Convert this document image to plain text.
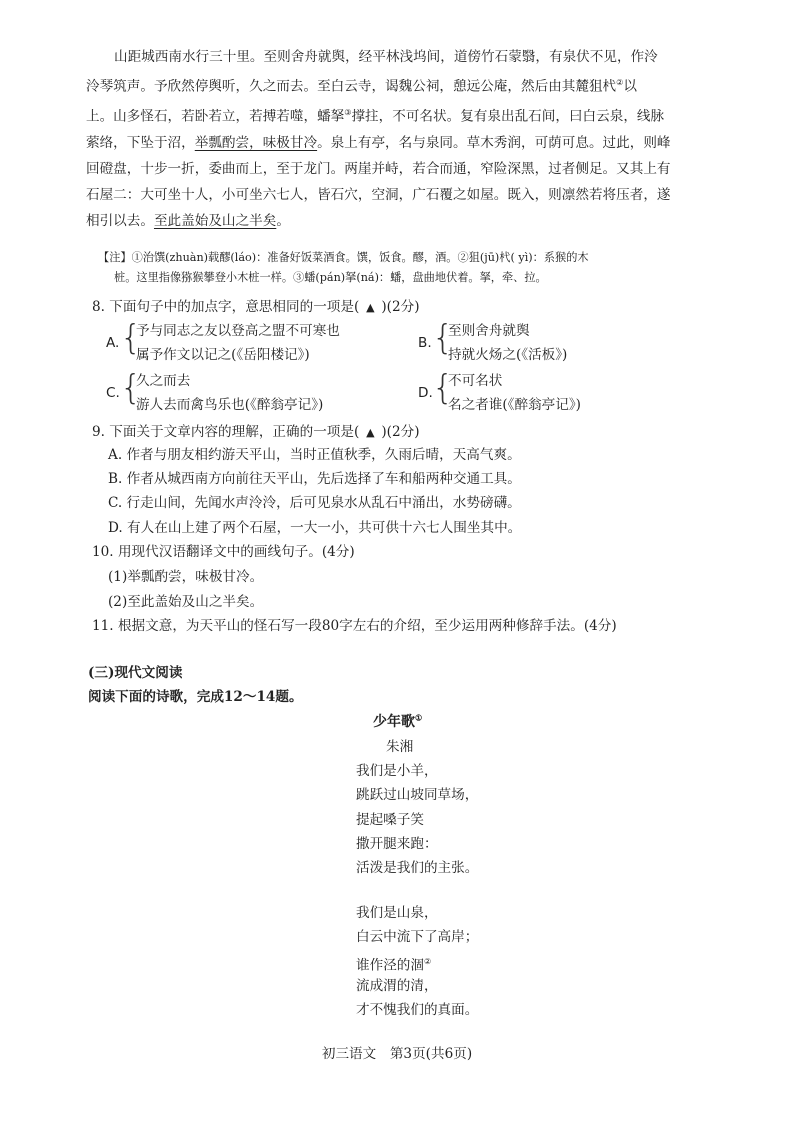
山距城西南水行三十里。至则舍舟就舆，经平林浅坞间，道傍竹石蒙翳，有泉伏不见，作泠
泠琴筑声。予欣然停舆听，久之而去。至白云寺，谒魏公祠，憩远公庵，然后由其麓狙杙②以
上。山多怪石，若卧若立，若搏若噬，蟠拏③撑拄，不可名状。复有泉出乱石间，曰白云泉，线脉
萦络，下坠于沼，举瓢酌尝，味极甘冷。泉上有亭，名与泉同。草木秀润，可荫可息。过此，则峰
回磴盘，十步一折，委曲而上，至于龙门。两崖并峙，若合而通，窄险深黑，过者侧足。又其上有
石屋二：大可坐十人，小可坐六七人，皆石穴，空洞，广石覆之如屋。既入，则凛然若将压者，遂
相引以去。至此盖始及山之半矣。
【注】①治馔(zhuàn)载醪(láo)：准备好饭菜酒食。馔，饭食。醪，酒。②狙(jū)杙( yì)：系猴的木
桩。这里指像猕猴攀登小木桩一样。③蟠(pán)拏(ná)：蟠，盘曲地伏着。拏，牵、拉。
8. 下面句子中的加点字，意思相同的一项是(  ▲  )(2分)
A. {
予与同志之友以登高之盟不可寒也
属予作文以记之(《岳阳楼记》)
B. {
至则舍舟就舆
持就火炀之(《活板》)
C. {
久之而去
游人去而禽鸟乐也(《醉翁亭记》)
D. {
不可名状
名之者谁(《醉翁亭记》)
9. 下面关于文章内容的理解，正确的一项是(  ▲  )(2分)
A. 作者与朋友相约游天平山，当时正值秋季，久雨后晴，天高气爽。
B. 作者从城西南方向前往天平山，先后选择了车和船两种交通工具。
C. 行走山间，先闻水声泠泠，后可见泉水从乱石中涌出，水势磅礴。
D. 有人在山上建了两个石屋，一大一小，共可供十六七人围坐其中。
10. 用现代汉语翻译文中的画线句子。(4分)
(1)举瓢酌尝，味极甘冷。
(2)至此盖始及山之半矣。
11. 根据文意，为天平山的怪石写一段80字左右的介绍，至少运用两种修辞手法。(4分)
(三)现代文阅读
阅读下面的诗歌，完成12～14题。
少年歌①
朱湘
我们是小羊，
跳跃过山坡同草场，
提起嗓子笑
撒开腿来跑：
活泼是我们的主张。
我们是山泉，
白云中流下了高岸；
谁作泾的涸②
流成渭的清，
才不愧我们的真面。
初三语文　第3页(共6页)
